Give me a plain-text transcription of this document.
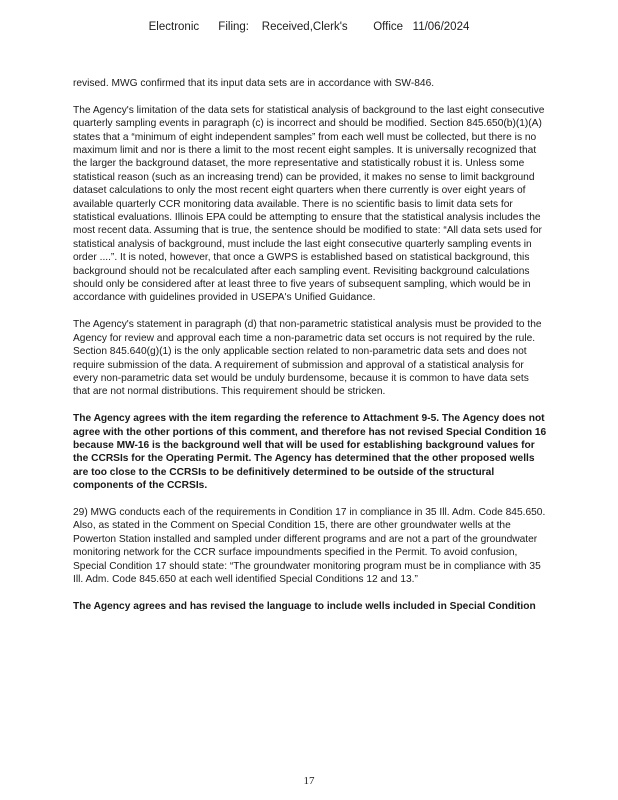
Electronic      Filing:    Received,Clerk's        Office   11/06/2024

revised. MWG confirmed that its input data sets are in accordance with SW-846.

The Agency's limitation of the data sets for statistical analysis of background to the last eight consecutive quarterly sampling events in paragraph (c) is incorrect and should be modified. Section 845.650(b)(1)(A) states that a “minimum of eight independent samples” from each well must be collected, but there is no maximum limit and nor is there a limit to the most recent eight samples. It is universally recognized that the larger the background dataset, the more representative and statistically robust it is. Unless some statistical reason (such as an increasing trend) can be provided, it makes no sense to limit background dataset calculations to only the most recent eight quarters when there currently is over eight years of available quarterly CCR monitoring data available. There is no scientific basis to limit data sets for statistical evaluations. Illinois EPA could be attempting to ensure that the statistical analysis includes the most recent data. Assuming that is true, the sentence should be modified to state: “All data sets used for statistical analysis of background, must include the last eight consecutive quarterly sampling events in order ....”. It is noted, however, that once a GWPS is established based on statistical background, this background should not be recalculated after each sampling event. Revisiting background calculations should only be considered after at least three to five years of subsequent sampling, which would be in accordance with guidelines provided in USEPA's Unified Guidance.

The Agency's statement in paragraph (d) that non-parametric statistical analysis must be provided to the Agency for review and approval each time a non-parametric data set occurs is not required by the rule. Section 845.640(g)(1) is the only applicable section related to non-parametric data sets and does not require submission of the data. A requirement of submission and approval of a statistical analysis for every non-parametric data set would be unduly burdensome, because it is common to have data sets that are not normal distributions. This requirement should be stricken.

The Agency agrees with the item regarding the reference to Attachment 9-5. The Agency does not agree with the other portions of this comment, and therefore has not revised Special Condition 16 because MW-16 is the background well that will be used for establishing background values for the CCRSIs for the Operating Permit. The Agency has determined that the other proposed wells are too close to the CCRSIs to be definitively determined to be outside of the structural components of the CCRSIs.

29) MWG conducts each of the requirements in Condition 17 in compliance in 35 Ill. Adm. Code 845.650. Also, as stated in the Comment on Special Condition 15, there are other groundwater wells at the Powerton Station installed and sampled under different programs and are not a part of the groundwater monitoring network for the CCR surface impoundments specified in the Permit. To avoid confusion, Special Condition 17 should state: “The groundwater monitoring program must be in compliance with 35 Ill. Adm. Code 845.650 at each well identified Special Conditions 12 and 13.”

The Agency agrees and has revised the language to include wells included in Special Condition

17
